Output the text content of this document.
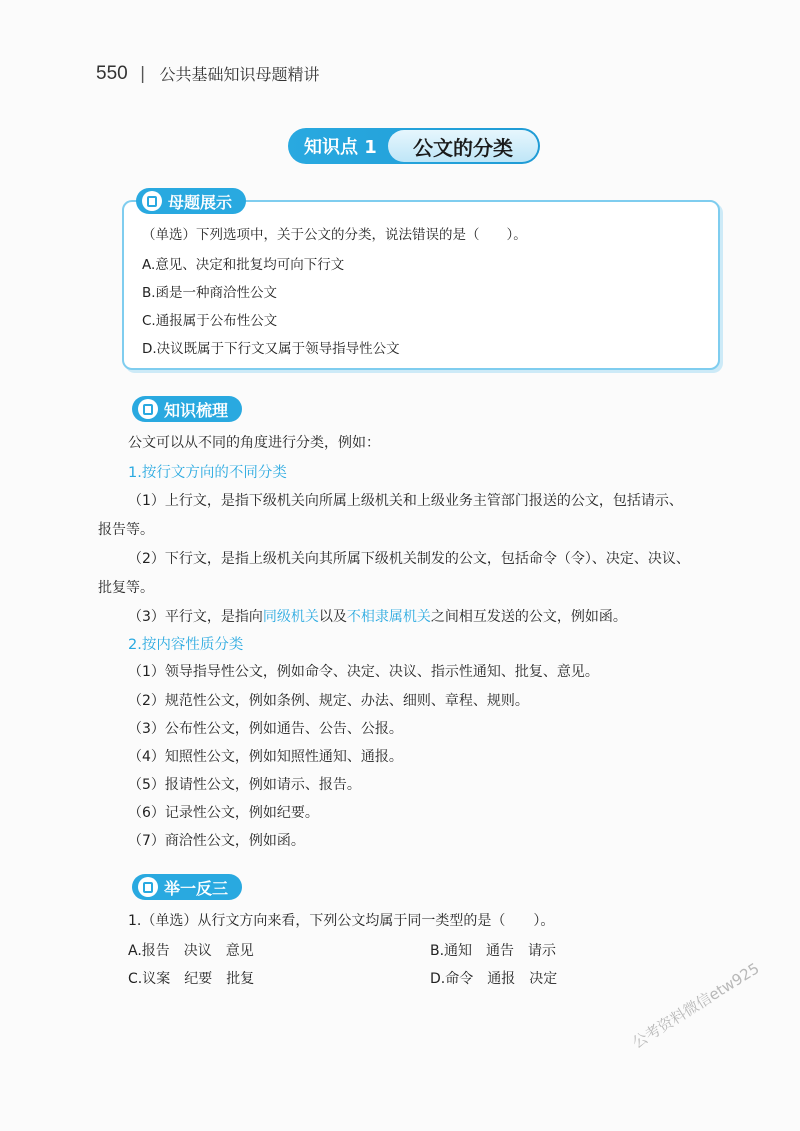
550 | 公共基础知识母题精讲
知识点 1	公文的分类
母题展示
（单选）下列选项中，关于公文的分类，说法错误的是（　　）。
A.意见、决定和批复均可向下行文
B.函是一种商洽性公文
C.通报属于公布性公文
D.决议既属于下行文又属于领导指导性公文
知识梳理
公文可以从不同的角度进行分类，例如：
1.按行文方向的不同分类
（1）上行文，是指下级机关向所属上级机关和上级业务主管部门报送的公文，包括请示、
报告等。
（2）下行文，是指上级机关向其所属下级机关制发的公文，包括命令（令）、决定、决议、
批复等。
（3）平行文，是指向同级机关以及不相隶属机关之间相互发送的公文，例如函。
2.按内容性质分类
（1）领导指导性公文，例如命令、决定、决议、指示性通知、批复、意见。
（2）规范性公文，例如条例、规定、办法、细则、章程、规则。
（3）公布性公文，例如通告、公告、公报。
（4）知照性公文，例如知照性通知、通报。
（5）报请性公文，例如请示、报告。
（6）记录性公文，例如纪要。
（7）商洽性公文，例如函。
举一反三
1.（单选）从行文方向来看，下列公文均属于同一类型的是（　　）。
A.报告　决议　意见	B.通知　通告　请示
C.议案　纪要　批复	D.命令　通报　决定	公考资料微信etw925
